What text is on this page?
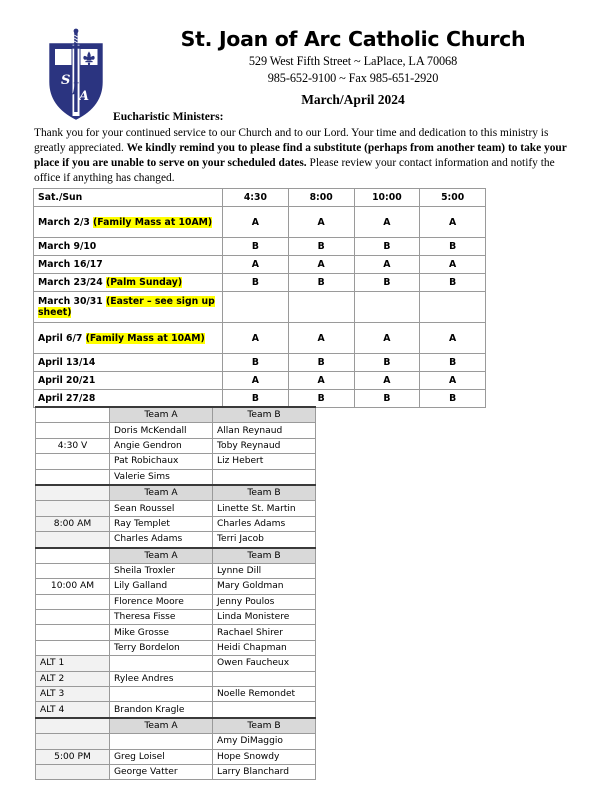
S
J
A
St. Joan of Arc Catholic Church
529 West Fifth Street ~ LaPlace, LA 70068
985-652-9100 ~ Fax 985-651-2920
March/April 2024
Eucharistic Ministers:
Thank you for your continued service to our Church and to our Lord. Your time and dedication to this ministry is greatly appreciated. We kindly remind you to please find a substitute (perhaps from another team) to take your place if you are unable to serve on your scheduled dates. Please review your contact information and notify the office if anything has changed.
Sat./Sun	4:30	8:00	10:00	5:00
March 2/3 (Family Mass at 10AM)	A	A	A	A
March 9/10	B	B	B	B
March 16/17	A	A	A	A
March 23/24 (Palm Sunday)	B	B	B	B
March 30/31 (Easter – see sign up sheet)				
April 6/7 (Family Mass at 10AM)	A	A	A	A
April 13/14	B	B	B	B
April 20/21	A	A	A	A
April 27/28	B	B	B	B
	Team A	Team B
	Doris McKendall	Allan Reynaud
4:30 V	Angie Gendron	Toby Reynaud
	Pat Robichaux	Liz Hebert
	Valerie Sims	
	Team A	Team B
	Sean Roussel	Linette St. Martin
8:00 AM	Ray Templet	Charles Adams
	Charles Adams	Terri Jacob
	Team A	Team B
	Sheila Troxler	Lynne Dill
10:00 AM	Lily Galland	Mary Goldman
	Florence Moore	Jenny Poulos
	Theresa Fisse	Linda Monistere
	Mike Grosse	Rachael Shirer
	Terry Bordelon	Heidi Chapman
ALT 1		Owen Faucheux
ALT 2	Rylee Andres	
ALT 3		Noelle Remondet
ALT 4	Brandon Kragle	
	Team A	Team B
		Amy DiMaggio
5:00 PM	Greg Loisel	Hope Snowdy
	George Vatter	Larry Blanchard
